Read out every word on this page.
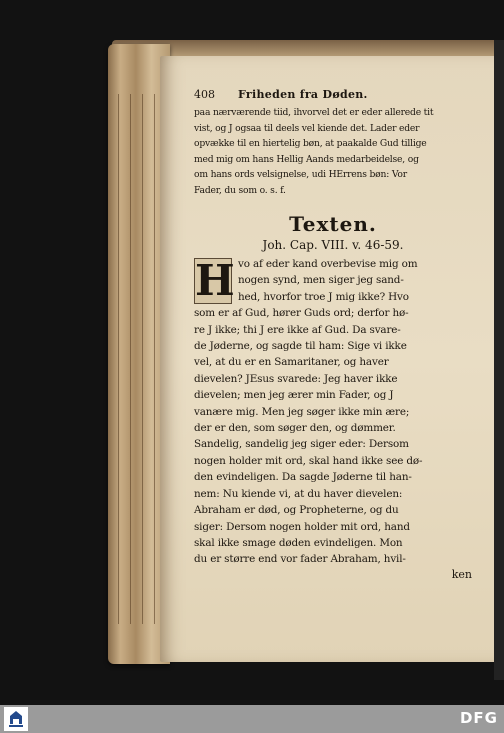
408	Friheden fra Døden.
paa nærværende tiid, ihvorvel det er eder allerede tit
vist, og J ogsaa til deels vel kiende det. Lader eder
opvække til en hiertelig bøn, at paakalde Gud tillige
med mig om hans Hellig Aands medarbeidelse, og
om hans ords velsignelse, udi HErrens bøn: Vor
Fader, du som o. s. f.
Texten.
Joh. Cap. VIII. v. 46-59.
H vo af eder kand overbevise mig om
nogen synd, men siger jeg sand-
hed, hvorfor troe J mig ikke? Hvo
som er af Gud, hører Guds ord; derfor hø-
re J ikke; thi J ere ikke af Gud. Da svare-
de Jøderne, og sagde til ham: Sige vi ikke
vel, at du er en Samaritaner, og haver
dievelen? JEsus svarede: Jeg haver ikke
dievelen; men jeg ærer min Fader, og J
vanære mig. Men jeg søger ikke min ære;
der er den, som søger den, og dømmer.
Sandelig, sandelig jeg siger eder: Dersom
nogen holder mit ord, skal hand ikke see dø-
den evindeligen. Da sagde Jøderne til han-
nem: Nu kiende vi, at du haver dievelen:
Abraham er død, og Propheterne, og du
siger: Dersom nogen holder mit ord, hand
skal ikke smage døden evindeligen. Mon
du er større end vor fader Abraham, hvil-
ken
DFG
